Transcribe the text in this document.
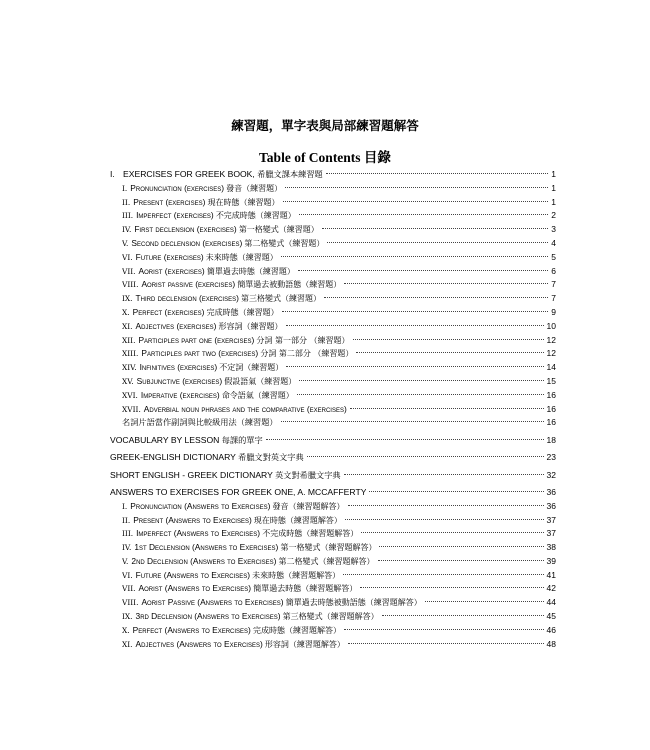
練習題，單字表與局部練習題解答
Table of Contents 目錄
I. EXERCISES FOR GREEK BOOK, 希臘文課本練習題	1
I. Pronunciation (exercises) 發音（練習題）	1
II. Present (exercises) 現在時態（練習題）	1
III. Imperfect (exercises) 不完成時態（練習題）	2
IV. First declension (exercises) 第一格變式（練習題）	3
V. Second declension (exercises) 第二格變式（練習題）	4
VI. Future (exercises) 未來時態（練習題）	5
VII. Aorist (exercises) 簡單過去時態（練習題）	6
VIII. Aorist passive (exercises) 簡單過去被動語態（練習題）	7
IX. Third declension (exercises) 第三格變式（練習題）	7
X. Perfect (exercises) 完成時態（練習題）	9
XI. Adjectives (exercises) 形容詞（練習題）	10
XII. Participles part one (exercises) 分詞 第一部分 （練習題）	12
XIII. Participles part two (exercises) 分詞 第二部分 （練習題）	12
XIV. Infinitives (exercises) 不定詞（練習題）	14
XV. Subjunctive (exercises) 假設語氣（練習題）	15
XVI. Imperative (exercises) 命令語氣（練習題）	16
XVII. Adverbial noun phrases and the comparative (exercises)	16
名詞片語當作副詞與比較級用法（練習題）	16
VOCABULARY BY LESSON 每課的單字	18
GREEK-ENGLISH DICTIONARY 希臘文對英文字典	23
SHORT ENGLISH - GREEK DICTIONARY 英文對希臘文字典	32
ANSWERS TO EXERCISES FOR GREEK ONE, A. MCCAFFERTY	36
I. Pronunciation (Answers to Exercises) 發音（練習題解答）	36
II. Present (Answers to Exercises) 現在時態（練習題解答）	37
III. Imperfect (Answers to Exercises) 不完成時態（練習題解答）	37
IV. 1st Declension (Answers to Exercises) 第一格變式（練習題解答）	38
V. 2nd Declension (Answers to Exercises) 第二格變式（練習題解答）	39
VI. Future (Answers to Exercises) 未來時態（練習題解答）	41
VII. Aorist (Answers to Exercises) 簡單過去時態（練習題解答）	42
VIII. Aorist Passive (Answers to Exercises) 簡單過去時態被動語態（練習題解答）	44
IX. 3rd Declension (Answers to Exercises) 第三格變式（練習題解答）	45
X. Perfect (Answers to Exercises) 完成時態（練習題解答）	46
XI. Adjectives (Answers to Exercises) 形容詞（練習題解答）	48
